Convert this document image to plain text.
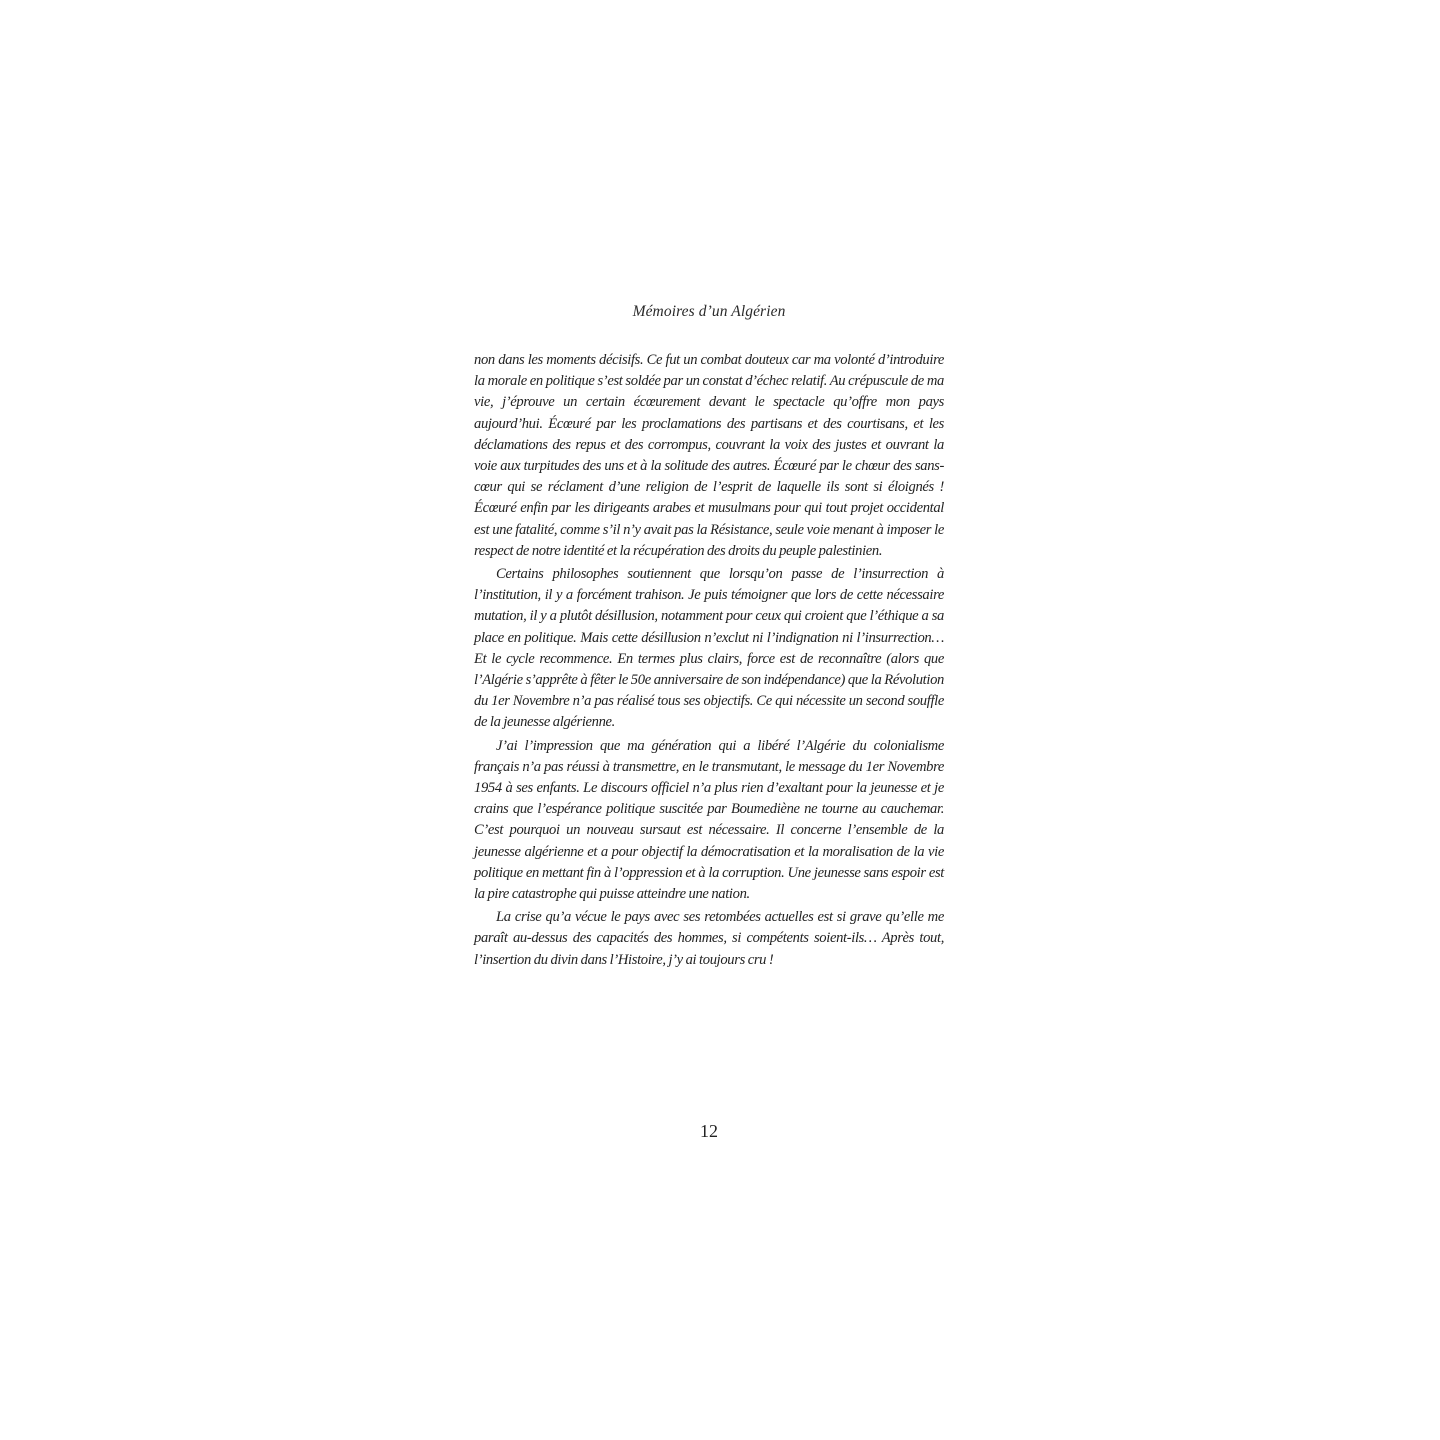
Mémoires d’un Algérien

non dans les moments décisifs. Ce fut un combat douteux car ma volonté d’introduire la morale en politique s’est soldée par un constat d’échec relatif. Au crépuscule de ma vie, j’éprouve un certain écœurement devant le spectacle qu’offre mon pays aujourd’hui. Écœuré par les proclamations des partisans et des courtisans, et les déclamations des repus et des corrompus, couvrant la voix des justes et ouvrant la voie aux turpitudes des uns et à la solitude des autres. Écœuré par le chœur des sans-cœur qui se réclament d’une religion de l’esprit de laquelle ils sont si éloignés ! Écœuré enfin par les dirigeants arabes et musulmans pour qui tout projet occidental est une fatalité, comme s’il n’y avait pas la Résistance, seule voie menant à imposer le respect de notre identité et la récupération des droits du peuple palestinien.

Certains philosophes soutiennent que lorsqu’on passe de l’insurrection à l’institution, il y a forcément trahison. Je puis témoigner que lors de cette nécessaire mutation, il y a plutôt désillusion, notamment pour ceux qui croient que l’éthique a sa place en politique. Mais cette désillusion n’exclut ni l’indignation ni l’insurrection… Et le cycle recommence. En termes plus clairs, force est de reconnaître (alors que l’Algérie s’apprête à fêter le 50e anniversaire de son indépendance) que la Révolution du 1er Novembre n’a pas réalisé tous ses objectifs. Ce qui nécessite un second souffle de la jeunesse algérienne.

J’ai l’impression que ma génération qui a libéré l’Algérie du colonialisme français n’a pas réussi à transmettre, en le transmutant, le message du 1er Novembre 1954 à ses enfants. Le discours officiel n’a plus rien d’exaltant pour la jeunesse et je crains que l’espérance politique suscitée par Boumediène ne tourne au cauchemar. C’est pourquoi un nouveau sursaut est nécessaire. Il concerne l’ensemble de la jeunesse algérienne et a pour objectif la démocratisation et la moralisation de la vie politique en mettant fin à l’oppression et à la corruption. Une jeunesse sans espoir est la pire catastrophe qui puisse atteindre une nation.

La crise qu’a vécue le pays avec ses retombées actuelles est si grave qu’elle me paraît au-dessus des capacités des hommes, si compétents soient-ils… Après tout, l’insertion du divin dans l’Histoire, j’y ai toujours cru !

12
